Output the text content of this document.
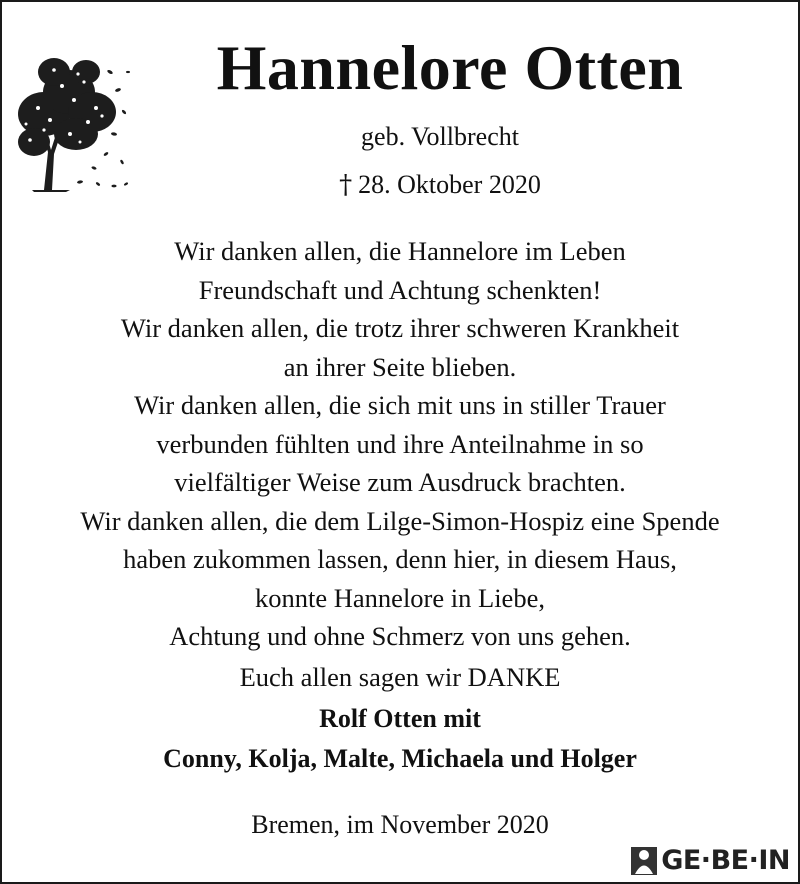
Hannelore Otten
geb. Vollbrecht
† 28. Oktober 2020
Wir danken allen, die Hannelore im Leben
Freundschaft und Achtung schenkten!
Wir danken allen, die trotz ihrer schweren Krankheit
an ihrer Seite blieben.
Wir danken allen, die sich mit uns in stiller Trauer
verbunden fühlten und ihre Anteilnahme in so
vielfältiger Weise zum Ausdruck brachten.
Wir danken allen, die dem Lilge-Simon-Hospiz eine Spende
haben zukommen lassen, denn hier, in diesem Haus,
konnte Hannelore in Liebe,
Achtung und ohne Schmerz von uns gehen.
Euch allen sagen wir DANKE
Rolf Otten mit
Conny, Kolja, Malte, Michaela und Holger
Bremen, im November 2020
GE·BE·IN
